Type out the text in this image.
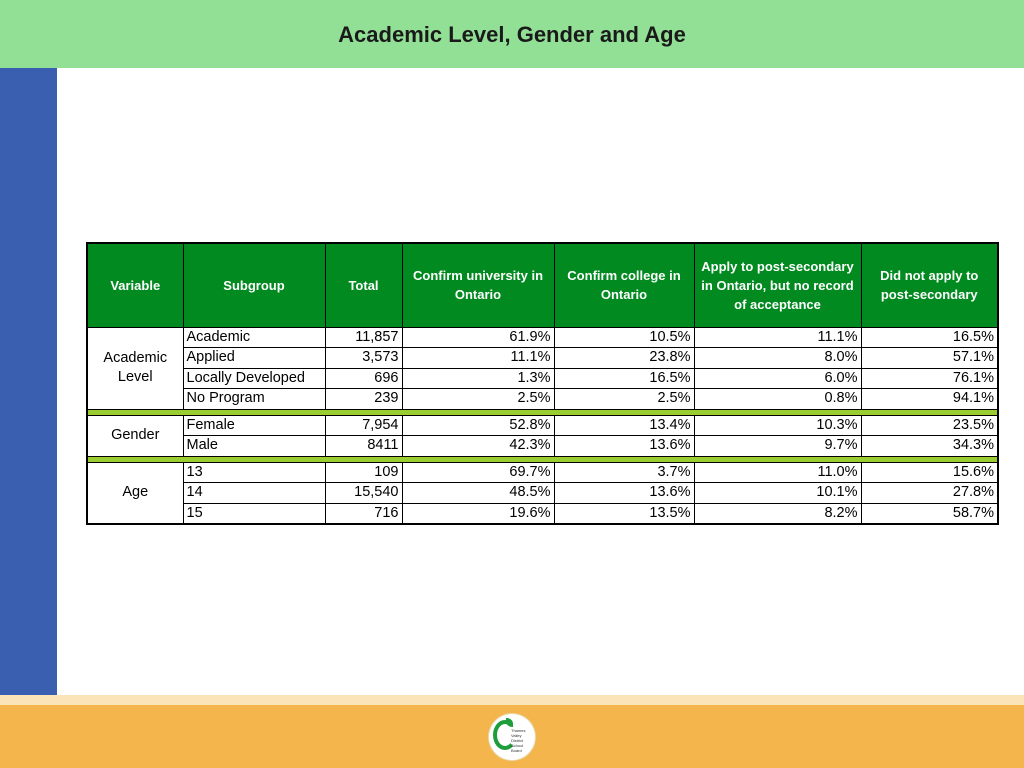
Academic Level, Gender and Age
Variable	Subgroup	Total	Confirm university in Ontario	Confirm college in Ontario	Apply to post-secondary in Ontario, but no record of acceptance	Did not apply to post-secondary
Academic Level	Academic	11,857	61.9%	10.5%	11.1%	16.5%
	Applied	3,573	11.1%	23.8%	8.0%	57.1%
	Locally Developed	696	1.3%	16.5%	6.0%	76.1%
	No Program	239	2.5%	2.5%	0.8%	94.1%

Gender	Female	7,954	52.8%	13.4%	10.3%	23.5%
	Male	8411	42.3%	13.6%	9.7%	34.3%

Age	13	109	69.7%	3.7%	11.0%	15.6%
	14	15,540	48.5%	13.6%	10.1%	27.8%
	15	716	19.6%	13.5%	8.2%	58.7%
Thames Valley District School Board
